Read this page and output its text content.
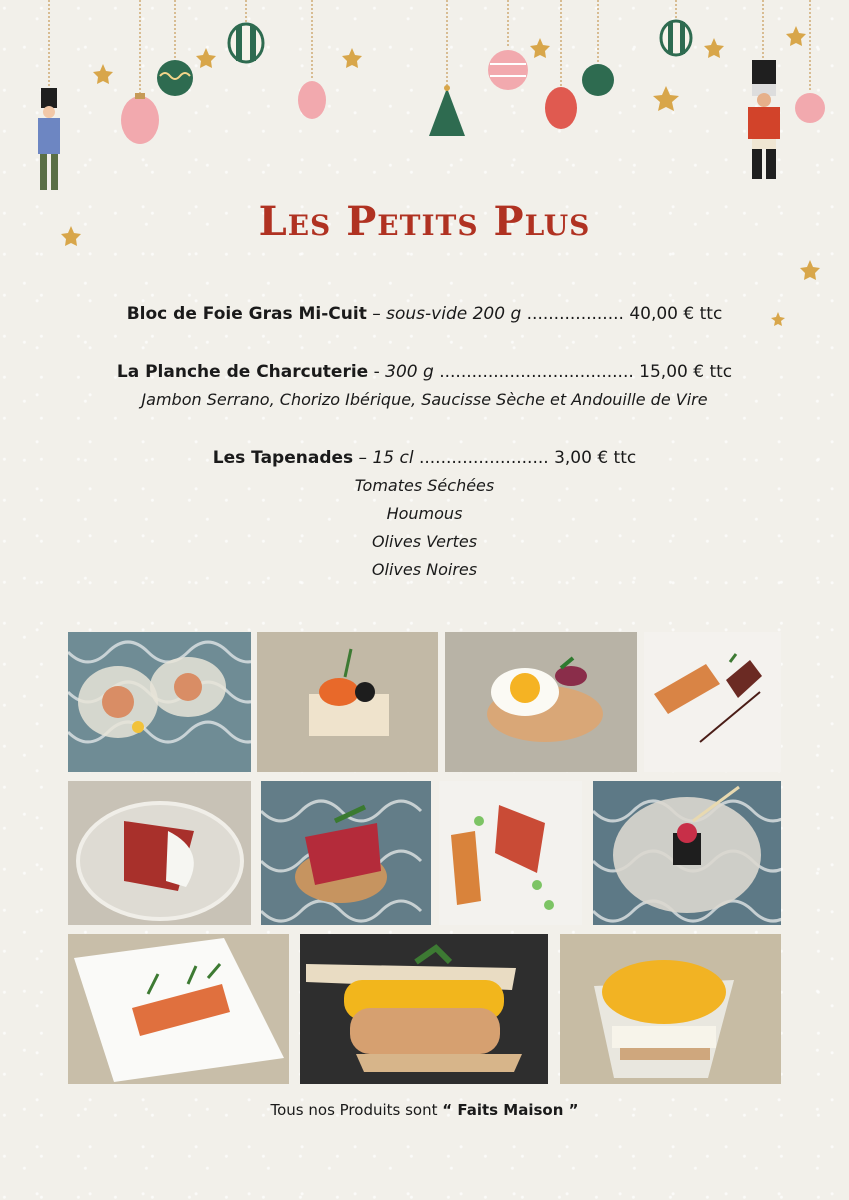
Les Petits Plus
Bloc de Foie Gras Mi-Cuit – sous-vide 200 g .................. 40,00 € ttc
La Planche de Charcuterie - 300 g .................................... 15,00 € ttc
Jambon Serrano, Chorizo Ibérique, Saucisse Sèche et Andouille de Vire
Les Tapenades – 15 cl ........................ 3,00 € ttc
Tomates Séchées
Houmous
Olives Vertes
Olives Noires
Tous nos Produits sont “ Faits Maison ”
